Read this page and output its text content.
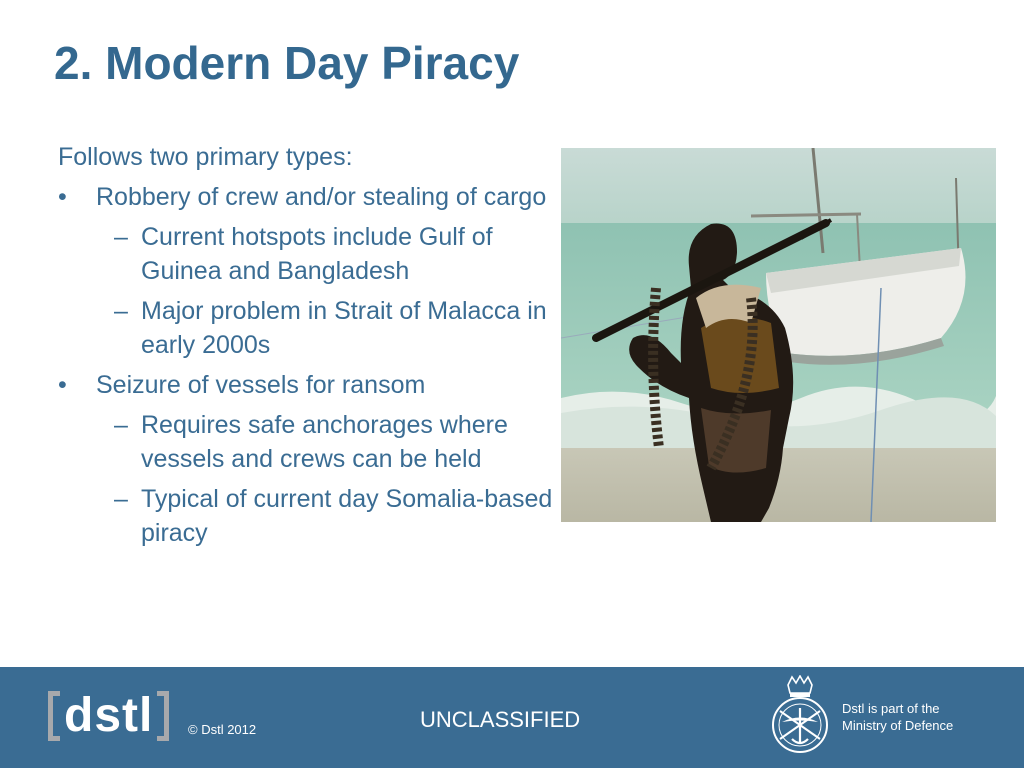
2. Modern Day Piracy

Follows two primary types:

• Robbery of crew and/or stealing of cargo
– Current hotspots include Gulf of Guinea and Bangladesh
– Major problem in Strait of Malacca in early 2000s
• Seizure of vessels for ransom
– Requires safe anchorages where vessels and crews can be held
– Typical of current day Somalia-based piracy
dstl	© Dstl 2012	UNCLASSIFIED	Dstl is part of the
Ministry of Defence
